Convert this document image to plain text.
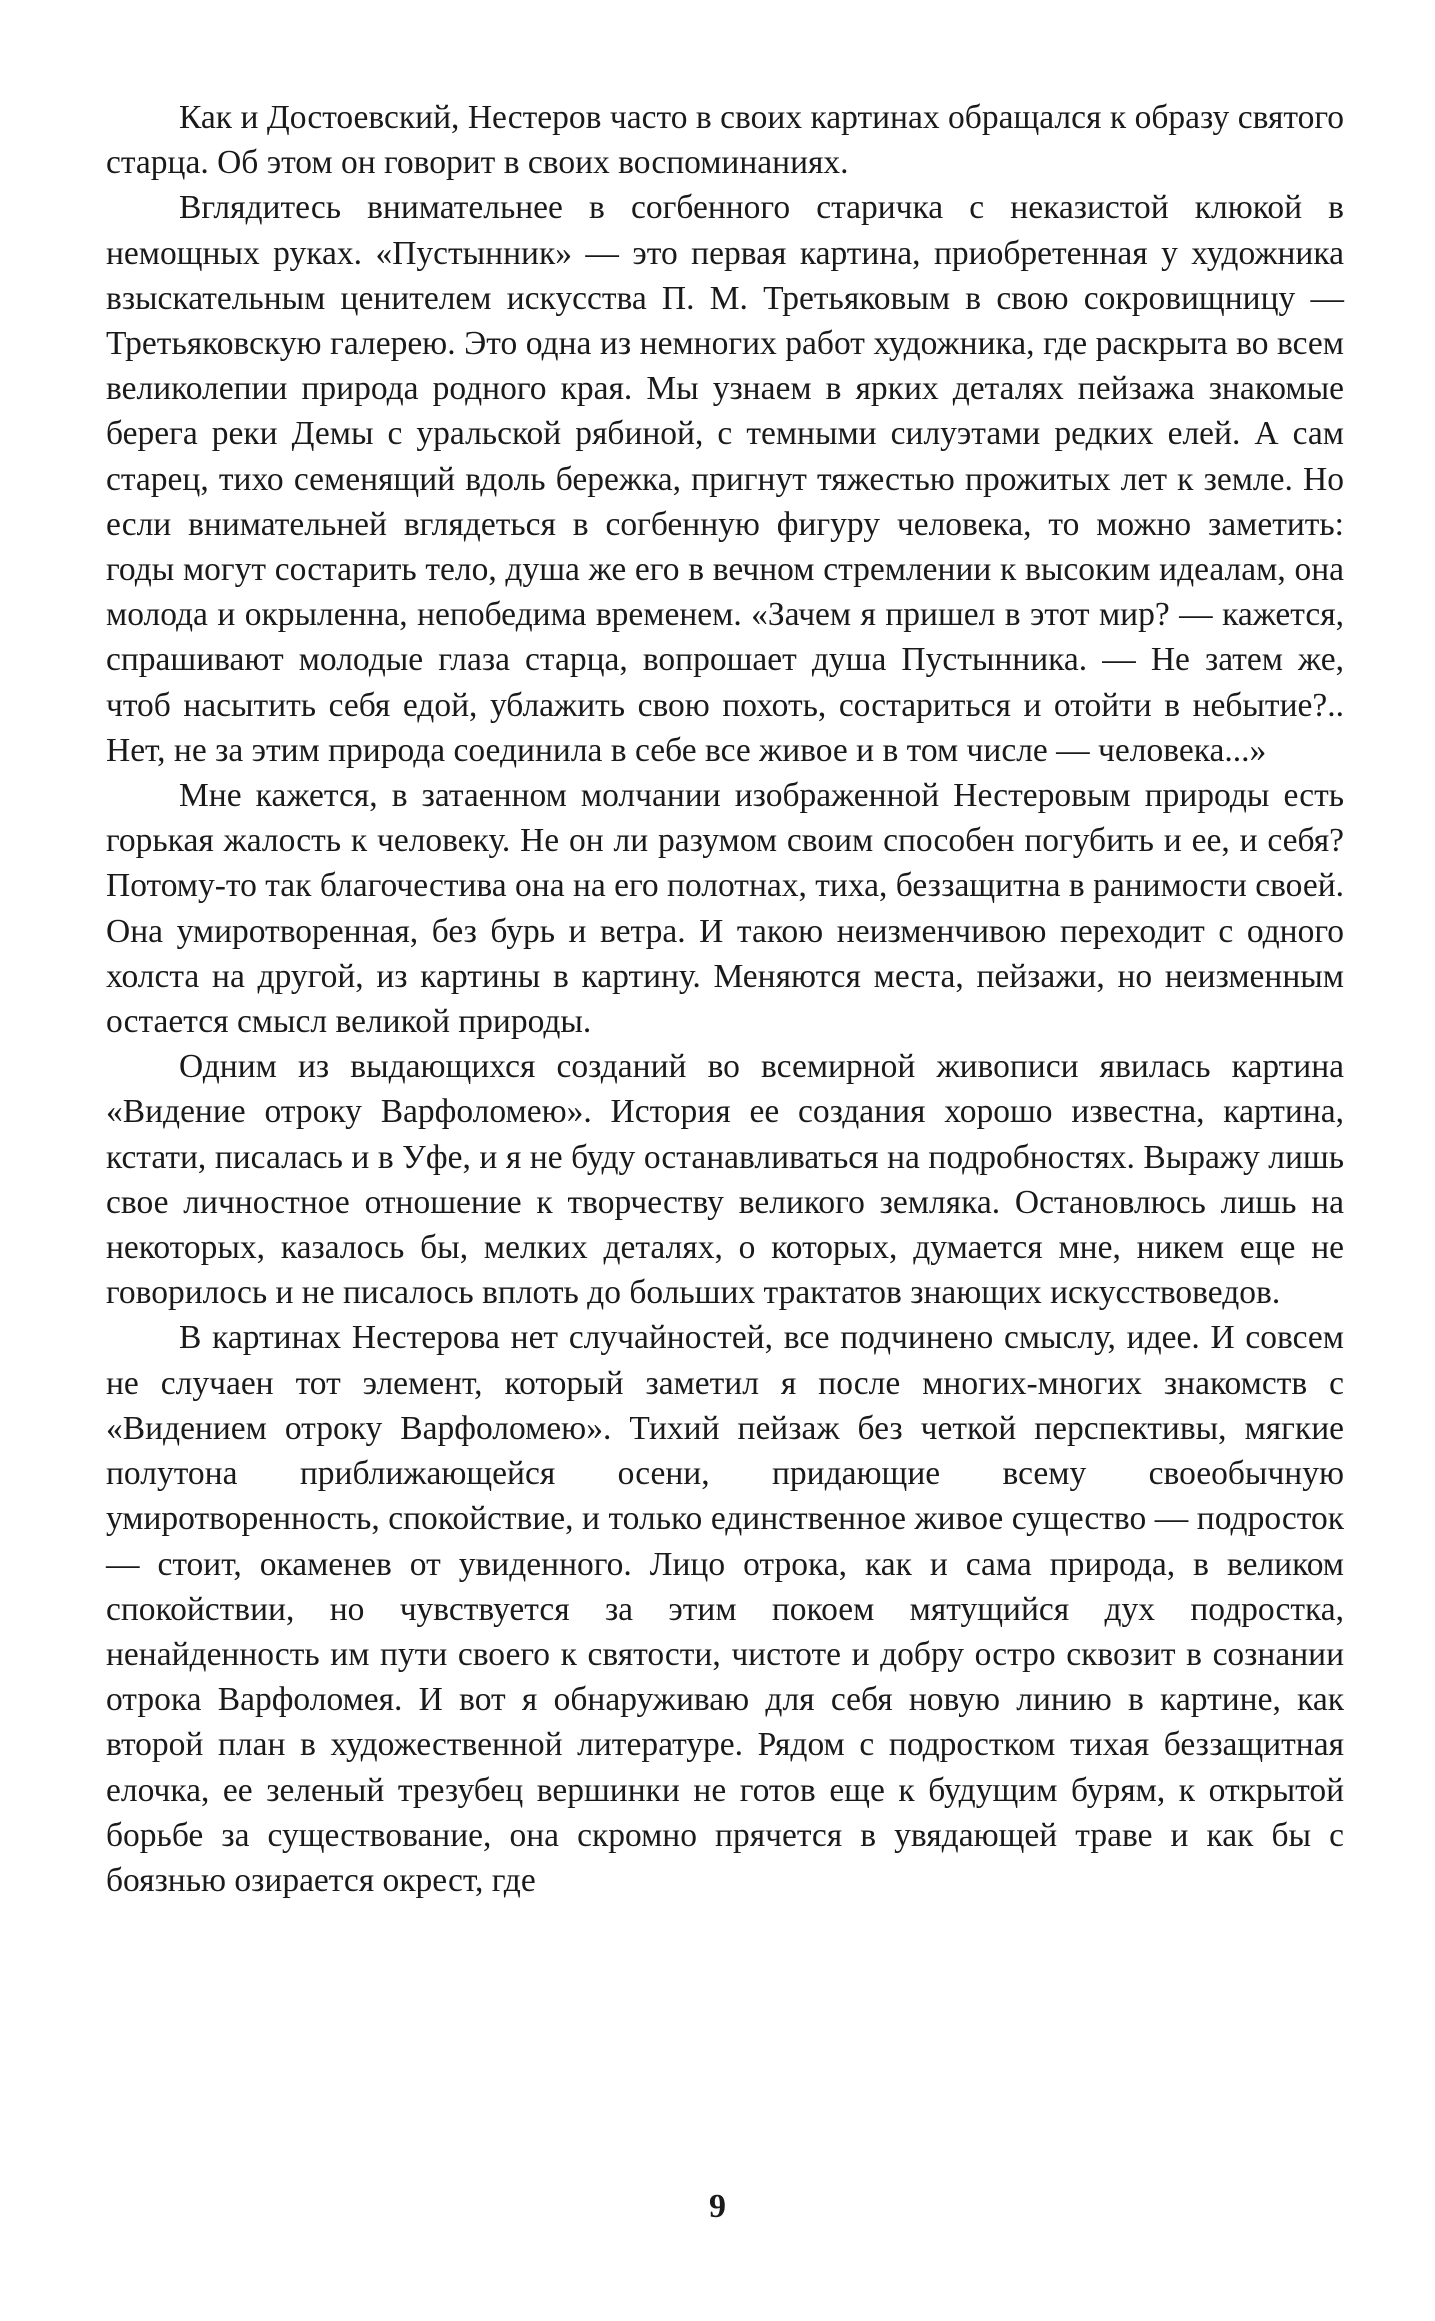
Как и Достоевский, Нестеров часто в своих картинах обращался к образу святого старца. Об этом он говорит в своих воспоминаниях.

Вглядитесь внимательнее в согбенного старичка с неказистой клюкой в немощных руках. «Пустынник» — это первая картина, приобретенная у художника взыскательным ценителем искусства П. М. Третьяковым в свою сокровищницу — Третьяковскую галерею. Это одна из немногих работ художника, где раскрыта во всем великолепии природа родного края. Мы узнаем в ярких деталях пейзажа знакомые берега реки Демы с уральской рябиной, с темными силуэтами редких елей. А сам старец, тихо семенящий вдоль бережка, пригнут тяжестью прожитых лет к земле. Но если внимательней вглядеться в согбенную фигуру человека, то можно заметить: годы могут состарить тело, душа же его в вечном стремлении к высоким идеалам, она молода и окрыленна, непобедима временем. «Зачем я пришел в этот мир? — кажется, спрашивают молодые глаза старца, вопрошает душа Пустынника. — Не затем же, чтоб насытить себя едой, ублажить свою похоть, состариться и отойти в небытие?.. Нет, не за этим природа соединила в себе все живое и в том числе — человека...»

Мне кажется, в затаенном молчании изображенной Нестеровым природы есть горькая жалость к человеку. Не он ли разумом своим способен погубить и ее, и себя? Потому-то так благочестива она на его полотнах, тиха, беззащитна в ранимости своей. Она умиротворенная, без бурь и ветра. И такою неизменчивою переходит с одного холста на другой, из картины в картину. Меняются места, пейзажи, но неизменным остается смысл великой природы.

Одним из выдающихся созданий во всемирной живописи явилась картина «Видение отроку Варфоломею». История ее создания хорошо известна, картина, кстати, писалась и в Уфе, и я не буду останавливаться на подробностях. Выражу лишь свое личностное отношение к творчеству великого земляка. Остановлюсь лишь на некоторых, казалось бы, мелких деталях, о которых, думается мне, никем еще не говорилось и не писалось вплоть до больших трактатов знающих искусствоведов.

В картинах Нестерова нет случайностей, все подчинено смыслу, идее. И совсем не случаен тот элемент, который заметил я после многих-многих знакомств с «Видением отроку Варфоломею». Тихий пейзаж без четкой перспективы, мягкие полутона приближающейся осени, придающие всему своеобычную умиротворенность, спокойствие, и только единственное живое существо — подросток — стоит, окаменев от увиденного. Лицо отрока, как и сама природа, в великом спокойствии, но чувствуется за этим покоем мятущийся дух подростка, ненайденность им пути своего к святости, чистоте и добру остро сквозит в сознании отрока Варфоломея. И вот я обнаруживаю для себя новую линию в картине, как второй план в художественной литературе. Рядом с подростком тихая беззащитная елочка, ее зеленый трезубец вершинки не готов еще к будущим бурям, к открытой борьбе за существование, она скромно прячется в увядающей траве и как бы с боязнью озирается окрест, где

9
